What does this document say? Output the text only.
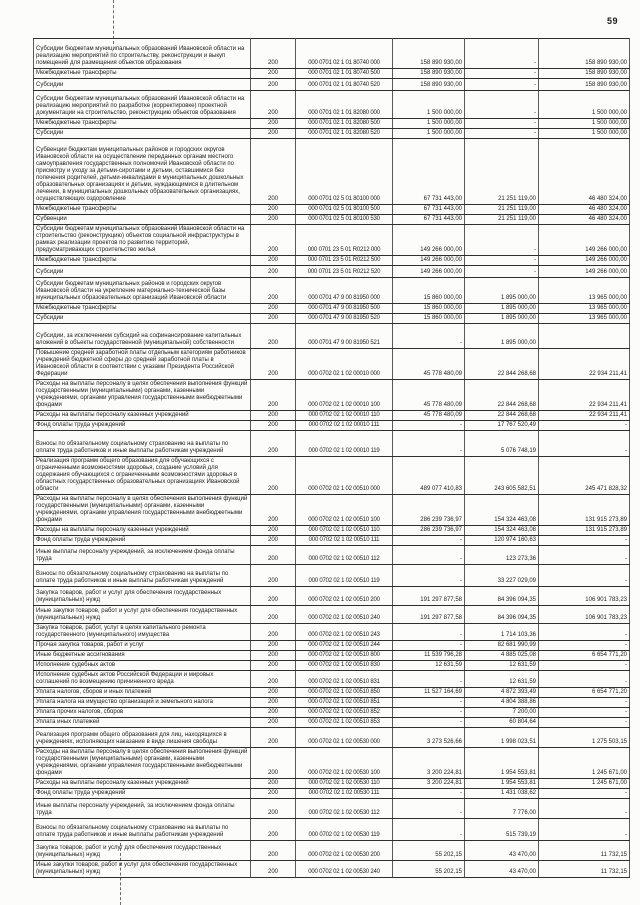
59
Субсидии бюджетам муниципальных образований Ивановской области на реализацию мероприятий по строительству, реконструкции и выкуп помещений для размещения объектов образования	200	000 0701 02 1 01 80740 000	158 890 930,00	-	158 890 930,00
Межбюджетные трансферты	200	000 0701 02 1 01 80740 500	158 890 930,00	-	158 890 930,00
Субсидии	200	000 0701 02 1 01 80740 520	158 890 930,00	-	158 890 930,00
Субсидии бюджетам муниципальных образований Ивановской области на реализацию мероприятий по разработке (корректировке) проектной документации на строительство, реконструкцию объектов образования	200	000 0701 02 1 01 82080 000	1 500 000,00	-	1 500 000,00
Межбюджетные трансферты	200	000 0701 02 1 01 82080 500	1 500 000,00	-	1 500 000,00
Субсидии	200	000 0701 02 1 01 82080 520	1 500 000,00	-	1 500 000,00
Субвенции бюджетам муниципальных районов и городских округов Ивановской области на осуществление переданных органам местного самоуправления государственных полномочий Ивановской области по присмотру и уходу за детьми-сиротами и детьми, оставшимися без попечения родителей, детьми-инвалидами в муниципальных дошкольных образовательных организациях и детьми, нуждающимися в длительном лечении, в муниципальных дошкольных образовательных организациях, осуществляющих оздоровление	200	000 0701 02 5 01 80100 000	67 731 443,00	21 251 119,00	46 480 324,00
Межбюджетные трансферты	200	000 0701 02 5 01 80100 500	67 731 443,00	21 251 119,00	46 480 324,00
Субвенции	200	000 0701 02 5 01 80100 530	67 731 443,00	21 251 119,00	46 480 324,00
Субсидии бюджетам муниципальных образований Ивановской области на строительство (реконструкцию) объектов социальной инфраструктуры в рамках реализации проектов по развитию территорий, предусматривающих строительство жилья	200	000 0701 23 5 01 R0212 000	149 266 000,00	-	149 266 000,00
Межбюджетные трансферты	200	000 0701 23 5 01 R0212 500	149 266 000,00	-	149 266 000,00
Субсидии	200	000 0701 23 5 01 R0212 520	149 266 000,00	-	149 266 000,00
Субсидии бюджетам муниципальных районов и городских округов Ивановской области на укрепление материально-технической базы муниципальных образовательных организаций Ивановской области	200	000 0701 47 9 00 81950 000	15 860 000,00	1 895 000,00	13 965 000,00
Межбюджетные трансферты	200	000 0701 47 9 00 81950 500	15 860 000,00	1 895 000,00	13 965 000,00
Субсидии	200	000 0701 47 9 00 81950 520	15 860 000,00	1 895 000,00	13 965 000,00
Субсидии, за исключением субсидий на софинансирование капитальных вложений в объекты государственной (муниципальной) собственности	200	000 0701 47 9 00 81950 521	-	1 895 000,00	
Повышение средней заработной платы отдельным категориям работников учреждений бюджетной сферы до средней заработной платы в Ивановской области в соответствии с указами Президента Российской Федерации	200	000 0702 02 1 02 00010 000	45 778 480,09	22 844 268,68	22 934 211,41
Расходы на выплаты персоналу в целях обеспечения выполнения функций государственными (муниципальными) органами, казенными учреждениями, органами управления государственными внебюджетными фондами	200	000 0702 02 1 02 00010 100	45 778 480,09	22 844 268,68	22 934 211,41
Расходы на выплаты персоналу казенных учреждений	200	000 0702 02 1 02 00010 110	45 778 480,09	22 844 268,68	22 934 211,41
Фонд оплаты труда учреждений	200	000 0702 02 1 02 00010 111	-	17 767 520,49	-
Взносы по обязательному социальному страхованию на выплаты по оплате труда работников и иные выплаты работникам учреждений	200	000 0702 02 1 02 00010 119	-	5 076 748,19	-
Реализация программ общего образования для обучающихся с ограниченными возможностями здоровья, создание условий для содержания обучающихся с ограниченными возможностями здоровья в областных государственных образовательных организациях Ивановской области	200	000 0702 02 1 02 00510 000	489 077 410,83	243 605 582,51	245 471 828,32
Расходы на выплаты персоналу в целях обеспечения выполнения функций государственными (муниципальными) органами, казенными учреждениями, органами управления государственными внебюджетными фондами	200	000 0702 02 1 02 00510 100	286 239 736,97	154 324 463,08	131 915 273,89
Расходы на выплаты персоналу казенных учреждений	200	000 0702 02 1 02 00510 110	286 239 736,97	154 324 463,08	131 915 273,89
Фонд оплаты труда учреждений	200	000 0702 02 1 02 00510 111	-	120 974 160,63	-
Иные выплаты персоналу учреждений, за исключением фонда оплаты труда	200	000 0702 02 1 02 00510 112	-	123 273,36	-
Взносы по обязательному социальному страхованию на выплаты по оплате труда работников и иные выплаты работникам учреждений	200	000 0702 02 1 02 00510 119	-	33 227 029,09	-
Закупка товаров, работ и услуг для обеспечения государственных (муниципальных) нужд	200	000 0702 02 1 02 00510 200	191 297 877,58	84 396 094,35	106 901 783,23
Иные закупки товаров, работ и услуг для обеспечения государственных (муниципальных) нужд	200	000 0702 02 1 02 00510 240	191 297 877,58	84 396 094,35	106 901 783,23
Закупка товаров, работ, услуг в целях капитального ремонта государственного (муниципального) имущества	200	000 0702 02 1 02 00510 243	-	1 714 103,36	-
Прочая закупка товаров, работ и услуг	200	000 0702 02 1 02 00510 244	-	82 681 990,99	-
Иные бюджетные ассигнования	200	000 0702 02 1 02 00510 800	11 539 796,28	4 885 025,08	6 654 771,20
Исполнение судебных актов	200	000 0702 02 1 02 00510 830	12 631,59	12 631,59	-
Исполнение судебных актов Российской Федерации и мировых соглашений по возмещению причиненного вреда	200	000 0702 02 1 02 00510 831	-	12 631,59	-
Уплата налогов, сборов и иных платежей	200	000 0702 02 1 02 00510 850	11 527 164,69	4 872 393,49	6 654 771,20
Уплата налога на имущество организаций и земельного налога	200	000 0702 02 1 02 00510 851	-	4 804 388,86	-
Уплата прочих налогов, сборов	200	000 0702 02 1 02 00510 852	-	7 200,00	-
Уплата иных платежей	200	000 0702 02 1 02 00510 853	-	60 804,64	-
Реализация программ общего образования для лиц, находящихся в учреждениях, исполняющих наказание в виде лишения свободы	200	000 0702 02 1 02 00530 000	3 273 526,66	1 998 023,51	1 275 503,15
Расходы на выплаты персоналу в целях обеспечения выполнения функций государственными (муниципальными) органами, казенными учреждениями, органами управления государственными внебюджетными фондами	200	000 0702 02 1 02 00530 100	3 200 224,81	1 954 553,81	1 245 671,00
Расходы на выплаты персоналу казенных учреждений	200	000 0702 02 1 02 00530 110	3 200 224,81	1 954 553,81	1 245 671,00
Фонд оплаты труда учреждений	200	000 0702 02 1 02 00530 111	-	1 431 038,62	-
Иные выплаты персоналу учреждений, за исключением фонда оплаты труда	200	000 0702 02 1 02 00530 112	-	7 776,00	-
Взносы по обязательному социальному страхованию на выплаты по оплате труда работников и иные выплаты работникам учреждений	200	000 0702 02 1 02 00530 119	-	515 739,19	-
Закупка товаров, работ и услуг для обеспечения государственных (муниципальных) нужд	200	000 0702 02 1 02 00530 200	55 202,15	43 470,00	11 732,15
Иные закупки товаров, работ и услуг для обеспечения государственных (муниципальных) нужд	200	000 0702 02 1 02 00530 240	55 202,15	43 470,00	11 732,15
